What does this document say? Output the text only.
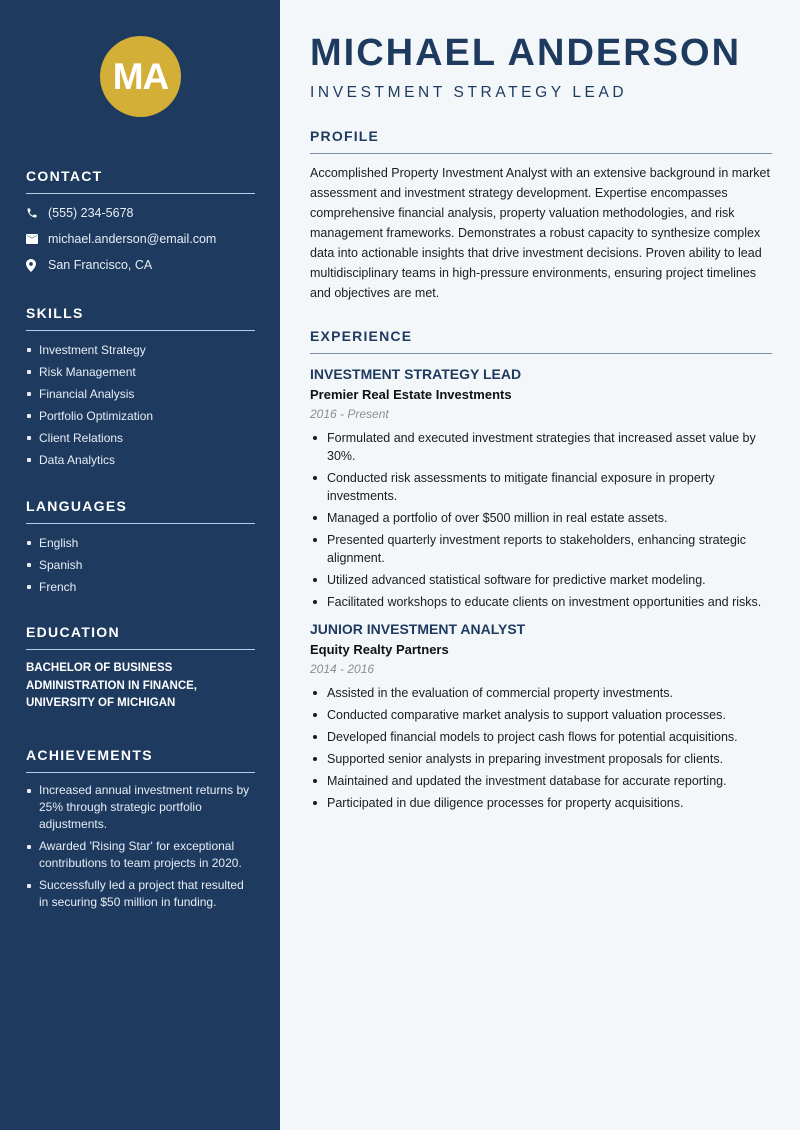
MA
CONTACT
(555) 234-5678
michael.anderson@email.com
San Francisco, CA
SKILLS
Investment Strategy
Risk Management
Financial Analysis
Portfolio Optimization
Client Relations
Data Analytics
LANGUAGES
English
Spanish
French
EDUCATION
BACHELOR OF BUSINESS ADMINISTRATION IN FINANCE, UNIVERSITY OF MICHIGAN
ACHIEVEMENTS
Increased annual investment returns by 25% through strategic portfolio adjustments.
Awarded 'Rising Star' for exceptional contributions to team projects in 2020.
Successfully led a project that resulted in securing $50 million in funding.
MICHAEL ANDERSON
INVESTMENT STRATEGY LEAD
PROFILE

Accomplished Property Investment Analyst with an extensive background in market assessment and investment strategy development. Expertise encompasses comprehensive financial analysis, property valuation methodologies, and risk management frameworks. Demonstrates a robust capacity to synthesize complex data into actionable insights that drive investment decisions. Proven ability to lead multidisciplinary teams in high-pressure environments, ensuring project timelines and objectives are met.

EXPERIENCE
INVESTMENT STRATEGY LEAD
Premier Real Estate Investments
2016 - Present
Formulated and executed investment strategies that increased asset value by 30%.
Conducted risk assessments to mitigate financial exposure in property investments.
Managed a portfolio of over $500 million in real estate assets.
Presented quarterly investment reports to stakeholders, enhancing strategic alignment.
Utilized advanced statistical software for predictive market modeling.
Facilitated workshops to educate clients on investment opportunities and risks.
JUNIOR INVESTMENT ANALYST
Equity Realty Partners
2014 - 2016
Assisted in the evaluation of commercial property investments.
Conducted comparative market analysis to support valuation processes.
Developed financial models to project cash flows for potential acquisitions.
Supported senior analysts in preparing investment proposals for clients.
Maintained and updated the investment database for accurate reporting.
Participated in due diligence processes for property acquisitions.
